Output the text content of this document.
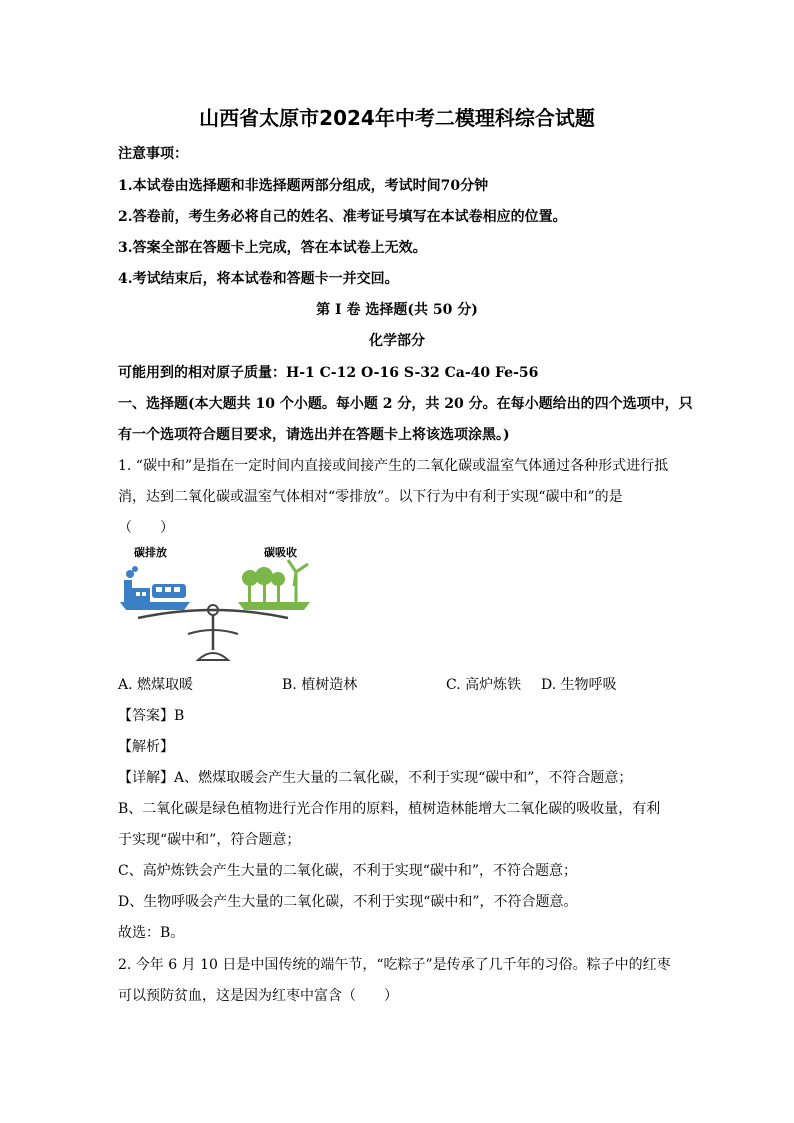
山西省太原市2024年中考二模理科综合试题
注意事项：
1.本试卷由选择题和非选择题两部分组成，考试时间70分钟
2.答卷前，考生务必将自己的姓名、准考证号填写在本试卷相应的位置。
3.答案全部在答题卡上完成，答在本试卷上无效。
4.考试结束后，将本试卷和答题卡一并交回。
第 I 卷 选择题(共 50 分)
化学部分
可能用到的相对原子质量：H-1 C-12 O-16 S-32 Ca-40 Fe-56
一、选择题(本大题共 10 个小题。每小题 2 分，共 20 分。在每小题给出的四个选项中，只
有一个选项符合题目要求，请选出并在答题卡上将该选项涂黑。)
1. “碳中和”是指在一定时间内直接或间接产生的二氧化碳或温室气体通过各种形式进行抵
消，达到二氧化碳或温室气体相对“零排放”。以下行为中有利于实现“碳中和”的是
（　　）
碳排放	碳吸收
A. 燃煤取暖	B. 植树造林	C. 高炉炼铁 D. 生物呼吸
【答案】B
【解析】
【详解】A、燃煤取暖会产生大量的二氧化碳，不利于实现“碳中和”，不符合题意；
B、二氧化碳是绿色植物进行光合作用的原料，植树造林能增大二氧化碳的吸收量，有利
于实现“碳中和”，符合题意；
C、高炉炼铁会产生大量的二氧化碳，不利于实现“碳中和”，不符合题意；
D、生物呼吸会产生大量的二氧化碳，不利于实现“碳中和”，不符合题意。
故选：B。
2. 今年 6 月 10 日是中国传统的端午节，“吃粽子”是传承了几千年的习俗。粽子中的红枣
可以预防贫血，这是因为红枣中富含（　　）
